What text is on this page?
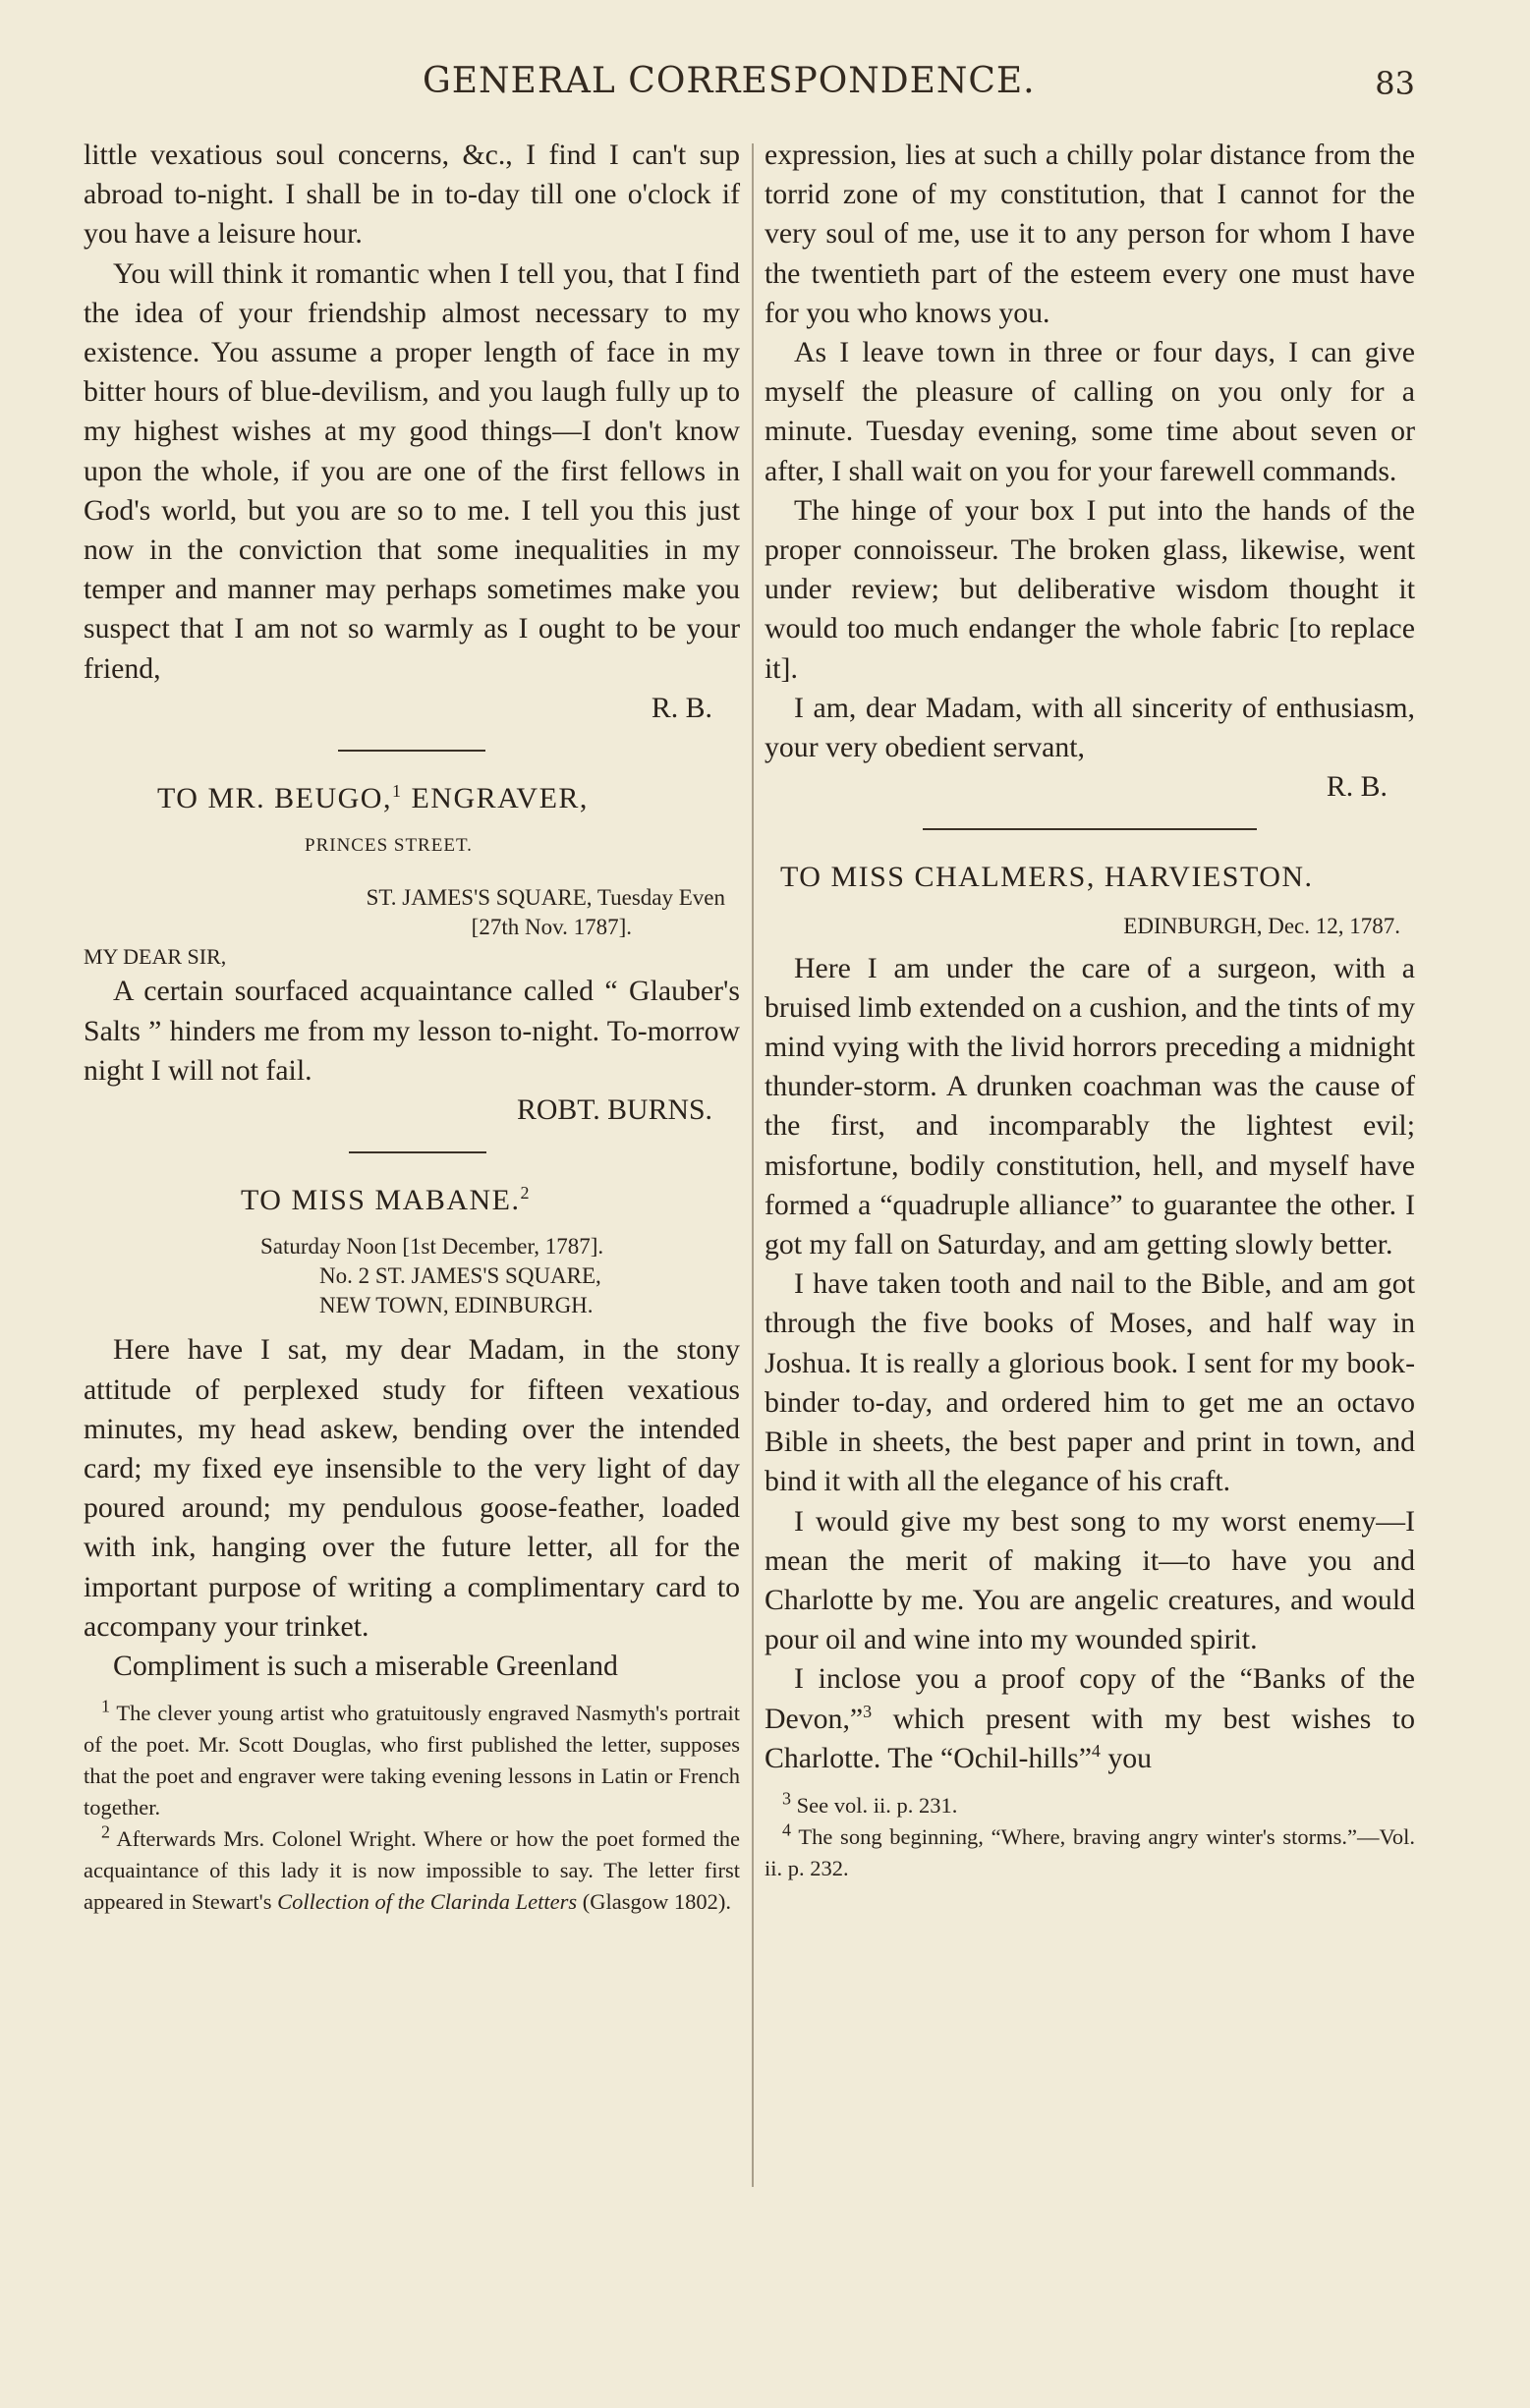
GENERAL CORRESPONDENCE.	83

little vexatious soul concerns, &c., I find I can't sup abroad to-night. I shall be in to-day till one o'clock if you have a leisure hour.

You will think it romantic when I tell you, that I find the idea of your friendship almost necessary to my existence. You assume a proper length of face in my bitter hours of blue-devilism, and you laugh fully up to my highest wishes at my good things—I don't know upon the whole, if you are one of the first fellows in God's world, but you are so to me. I tell you this just now in the conviction that some inequalities in my temper and manner may perhaps sometimes make you suspect that I am not so warmly as I ought to be your friend,

R. B.

TO MR. BEUGO,$^1$ ENGRAVER,
PRINCES STREET.
ST. JAMES'S SQUARE, Tuesday Even
[27th Nov. 1787].
MY DEAR SIR,

A certain sourfaced acquaintance called “ Glauber's Salts ” hinders me from my lesson to-night. To-morrow night I will not fail.

ROBT. BURNS.

TO MISS MABANE.$^2$
Saturday Noon [1st December, 1787].
No. 2 ST. JAMES'S SQUARE,
NEW TOWN, EDINBURGH.

Here have I sat, my dear Madam, in the stony attitude of perplexed study for fifteen vexatious minutes, my head askew, bending over the intended card; my fixed eye insensible to the very light of day poured around; my pendulous goose-feather, loaded with ink, hanging over the future letter, all for the important purpose of writing a complimentary card to accompany your trinket.

Compliment is such a miserable Greenland

$^1$ The clever young artist who gratuitously engraved Nasmyth's portrait of the poet. Mr. Scott Douglas, who first published the letter, supposes that the poet and engraver were taking evening lessons in Latin or French together.

$^2$ Afterwards Mrs. Colonel Wright. Where or how the poet formed the acquaintance of this lady it is now impossible to say. The letter first appeared in Stewart's Collection of the Clarinda Letters (Glasgow 1802).

expression, lies at such a chilly polar distance from the torrid zone of my constitution, that I cannot for the very soul of me, use it to any person for whom I have the twentieth part of the esteem every one must have for you who knows you.

As I leave town in three or four days, I can give myself the pleasure of calling on you only for a minute. Tuesday evening, some time about seven or after, I shall wait on you for your farewell commands.

The hinge of your box I put into the hands of the proper connoisseur. The broken glass, likewise, went under review; but deliberative wisdom thought it would too much endanger the whole fabric [to replace it].

I am, dear Madam, with all sincerity of enthusiasm, your very obedient servant,

R. B.

TO MISS CHALMERS, HARVIESTON.
EDINBURGH, Dec. 12, 1787.

Here I am under the care of a surgeon, with a bruised limb extended on a cushion, and the tints of my mind vying with the livid horrors preceding a midnight thunder-storm. A drunken coachman was the cause of the first, and incomparably the lightest evil; misfortune, bodily constitution, hell, and myself have formed a “quadruple alliance” to guarantee the other. I got my fall on Saturday, and am getting slowly better.

I have taken tooth and nail to the Bible, and am got through the five books of Moses, and half way in Joshua. It is really a glorious book. I sent for my book-binder to-day, and ordered him to get me an octavo Bible in sheets, the best paper and print in town, and bind it with all the elegance of his craft.

I would give my best song to my worst enemy—I mean the merit of making it—to have you and Charlotte by me. You are angelic creatures, and would pour oil and wine into my wounded spirit.

I inclose you a proof copy of the “Banks of the Devon,”$^3$ which present with my best wishes to Charlotte. The “Ochil-hills”$^4$ you

$^3$ See vol. ii. p. 231.

$^4$ The song beginning, “Where, braving angry winter's storms.”—Vol. ii. p. 232.
